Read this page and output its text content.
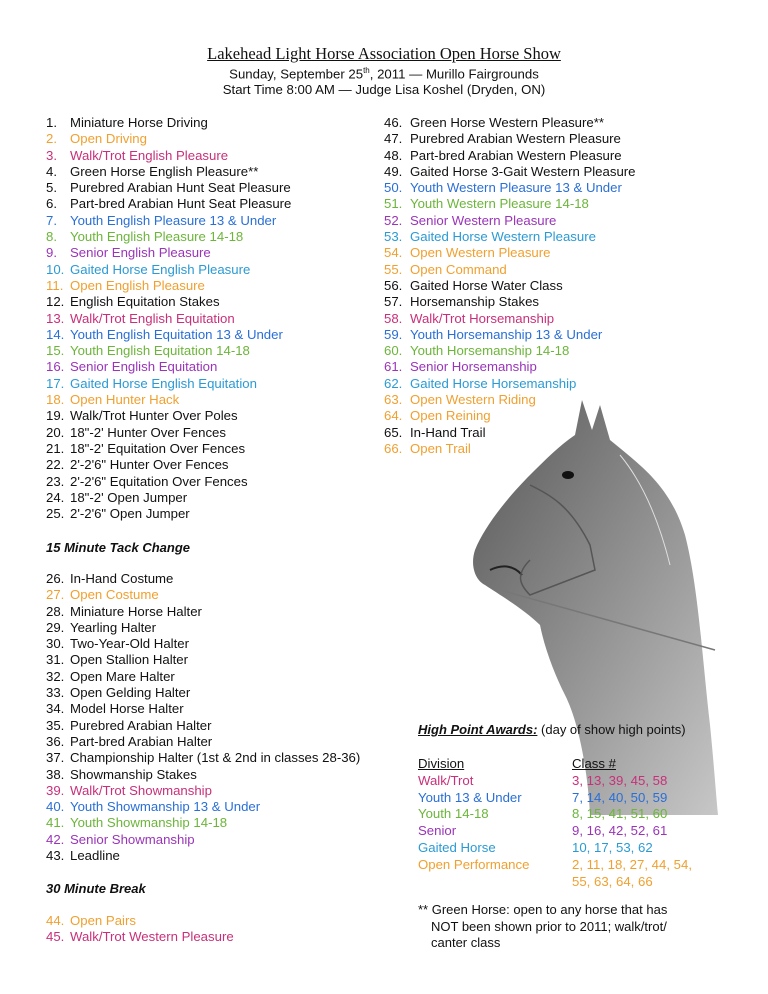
Lakehead Light Horse Association Open Horse Show
Sunday, September 25th, 2011 — Murillo Fairgrounds
Start Time 8:00 AM — Judge Lisa Koshel (Dryden, ON)
1. Miniature Horse Driving
2. Open Driving
3. Walk/Trot English Pleasure
4. Green Horse English Pleasure**
5. Purebred Arabian Hunt Seat Pleasure
6. Part-bred Arabian Hunt Seat Pleasure
7. Youth English Pleasure 13 & Under
8. Youth English Pleasure 14-18
9. Senior English Pleasure
10. Gaited Horse English Pleasure
11. Open English Pleasure
12. English Equitation Stakes
13. Walk/Trot English Equitation
14. Youth English Equitation 13 & Under
15. Youth English Equitation 14-18
16. Senior English Equitation
17. Gaited Horse English Equitation
18. Open Hunter Hack
19. Walk/Trot Hunter Over Poles
20. 18"-2' Hunter Over Fences
21. 18"-2' Equitation Over Fences
22. 2'-2'6" Hunter Over Fences
23. 2'-2'6" Equitation Over Fences
24. 18"-2' Open Jumper
25. 2'-2'6" Open Jumper
15 Minute Tack Change
26. In-Hand Costume
27. Open Costume
28. Miniature Horse Halter
29. Yearling Halter
30. Two-Year-Old Halter
31. Open Stallion Halter
32. Open Mare Halter
33. Open Gelding Halter
34. Model Horse Halter
35. Purebred Arabian Halter
36. Part-bred Arabian Halter
37. Championship Halter (1st & 2nd in classes 28-36)
38. Showmanship Stakes
39. Walk/Trot Showmanship
40. Youth Showmanship 13 & Under
41. Youth Showmanship 14-18
42. Senior Showmanship
43. Leadline
30 Minute Break
44. Open Pairs
45. Walk/Trot Western Pleasure
46. Green Horse Western Pleasure**
47. Purebred Arabian Western Pleasure
48. Part-bred Arabian Western Pleasure
49. Gaited Horse 3-Gait Western Pleasure
50. Youth Western Pleasure 13 & Under
51. Youth Western Pleasure 14-18
52. Senior Western Pleasure
53. Gaited Horse Western Pleasure
54. Open Western Pleasure
55. Open Command
56. Gaited Horse Water Class
57. Horsemanship Stakes
58. Walk/Trot Horsemanship
59. Youth Horsemanship 13 & Under
60. Youth Horsemanship 14-18
61. Senior Horsemanship
62. Gaited Horse Horsemanship
63. Open Western Riding
64. Open Reining
65. In-Hand Trail
66. Open Trail
High Point Awards: (day of show high points)
Division	Class #
Walk/Trot	3, 13, 39, 45, 58
Youth 13 & Under	7, 14, 40, 50, 59
Youth 14-18	8, 15, 41, 51, 60
Senior	9, 16, 42, 52, 61
Gaited Horse	10, 17, 53, 62
Open Performance	2, 11, 18, 27, 44, 54,
55, 63, 64, 66
** Green Horse: open to any horse that has
NOT been shown prior to 2011; walk/trot/
canter class
